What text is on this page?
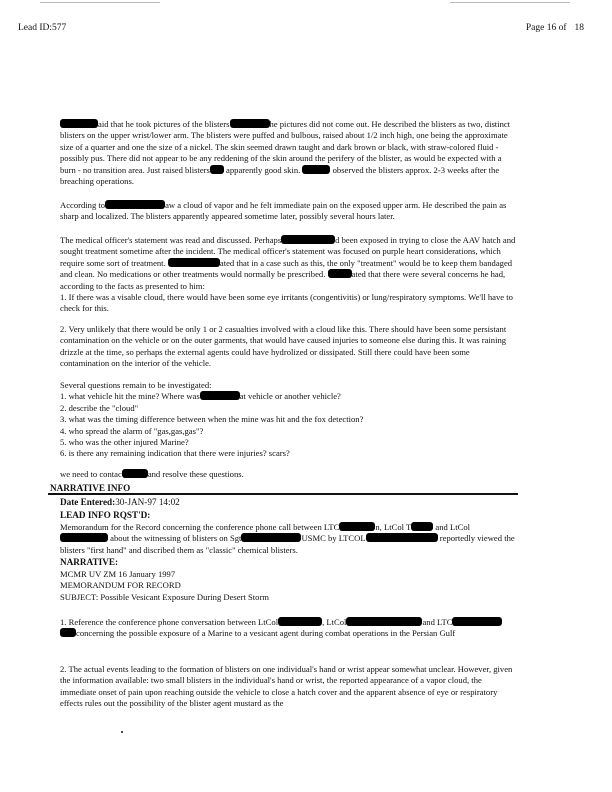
Lead ID:577	Page 16 of 18

aid that he took pictures of the blisters	he pictures did not come out. He described the blisters as two, distinct blisters on the upper wrist/lower arm. The blisters were puffed and bulbous, raised about 1/2 inch high, one being the approximate size of a quarter and one the size of a nickel. The skin seemed drawn taught and dark brown or black, with straw-colored fluid - possibly pus. There did not appear to be any reddening of the skin around the perifery of the blister, as would be expected with a burn - no transition area. Just raised blisters apparently good skin.	observed the blisters approx. 2-3 weeks after the breaching operations.

According to	aw a cloud of vapor and he felt immediate pain on the exposed upper arm. He described the pain as sharp and localized. The blisters apparently appeared sometime later, possibly several hours later.

The medical officer's statement was read and discussed. Perhaps	d been exposed in trying to close the AAV hatch and sought treatment sometime after the incident. The medical officer's statement was focused on purple heart considerations, which require some sort of treatment.	ated that in a case such as this, the only "treatment" would be to keep them bandaged and clean. No medications or other treatments would normally be prescribed.	ated that there were several concerns he had, according to the facts as presented to him:

1. If there was a visable cloud, there would have been some eye irritants (congentivitis) or lung/respiratory symptoms. We'll have to check for this.

2. Very unlikely that there would be only 1 or 2 casualties involved with a cloud like this. There should have been some persistant contamination on the vehicle or on the outer garments, that would have caused injuries to someone else during this. It was raining drizzle at the time, so perhaps the external agents could have hydrolized or dissipated. Still there could have been some contamination on the interior of the vehicle.

Several questions remain to be investigated:

1. what vehicle hit the mine? Where was	at vehicle or another vehicle?

2. describe the "cloud"

3. what was the timing difference between when the mine was hit and the fox detection?

4. who spread the alarm of "gas,gas,gas"?

5. who was the other injured Marine?

6. is there any remaining indication that there were injuries? scars?

we need to contac	and resolve these questions.

NARRATIVE INFO

Date Entered:30-JAN-97 14:02

LEAD INFO RQST'D:

Memorandum for the Record concerning the conference phone call between LTC	n, LtCol T	and LtCol about the witnessing of blisters on Sgt	USMC by LTCOL	reportedly viewed the blisters "first hand" and discribed them as "classic" chemical blisters.

NARRATIVE:

MCMR UV ZM 16 January 1997

MEMORANDUM FOR RECORD

SUBJECT: Possible Vesicant Exposure During Desert Storm

1. Reference the conference phone conversation between LtCol	, LtCol	and LTC concerning the possible exposure of a Marine to a vesicant agent during combat operations in the Persian Gulf

2. The actual events leading to the formation of blisters on one individual's hand or wrist appear somewhat unclear. However, given the information available: two small blisters in the individual's hand or wrist, the reported appearance of a vapor cloud, the immediate onset of pain upon reaching outside the vehicle to close a hatch cover and the apparent absence of eye or respiratory effects rules out the possibility of the blister agent mustard as the
